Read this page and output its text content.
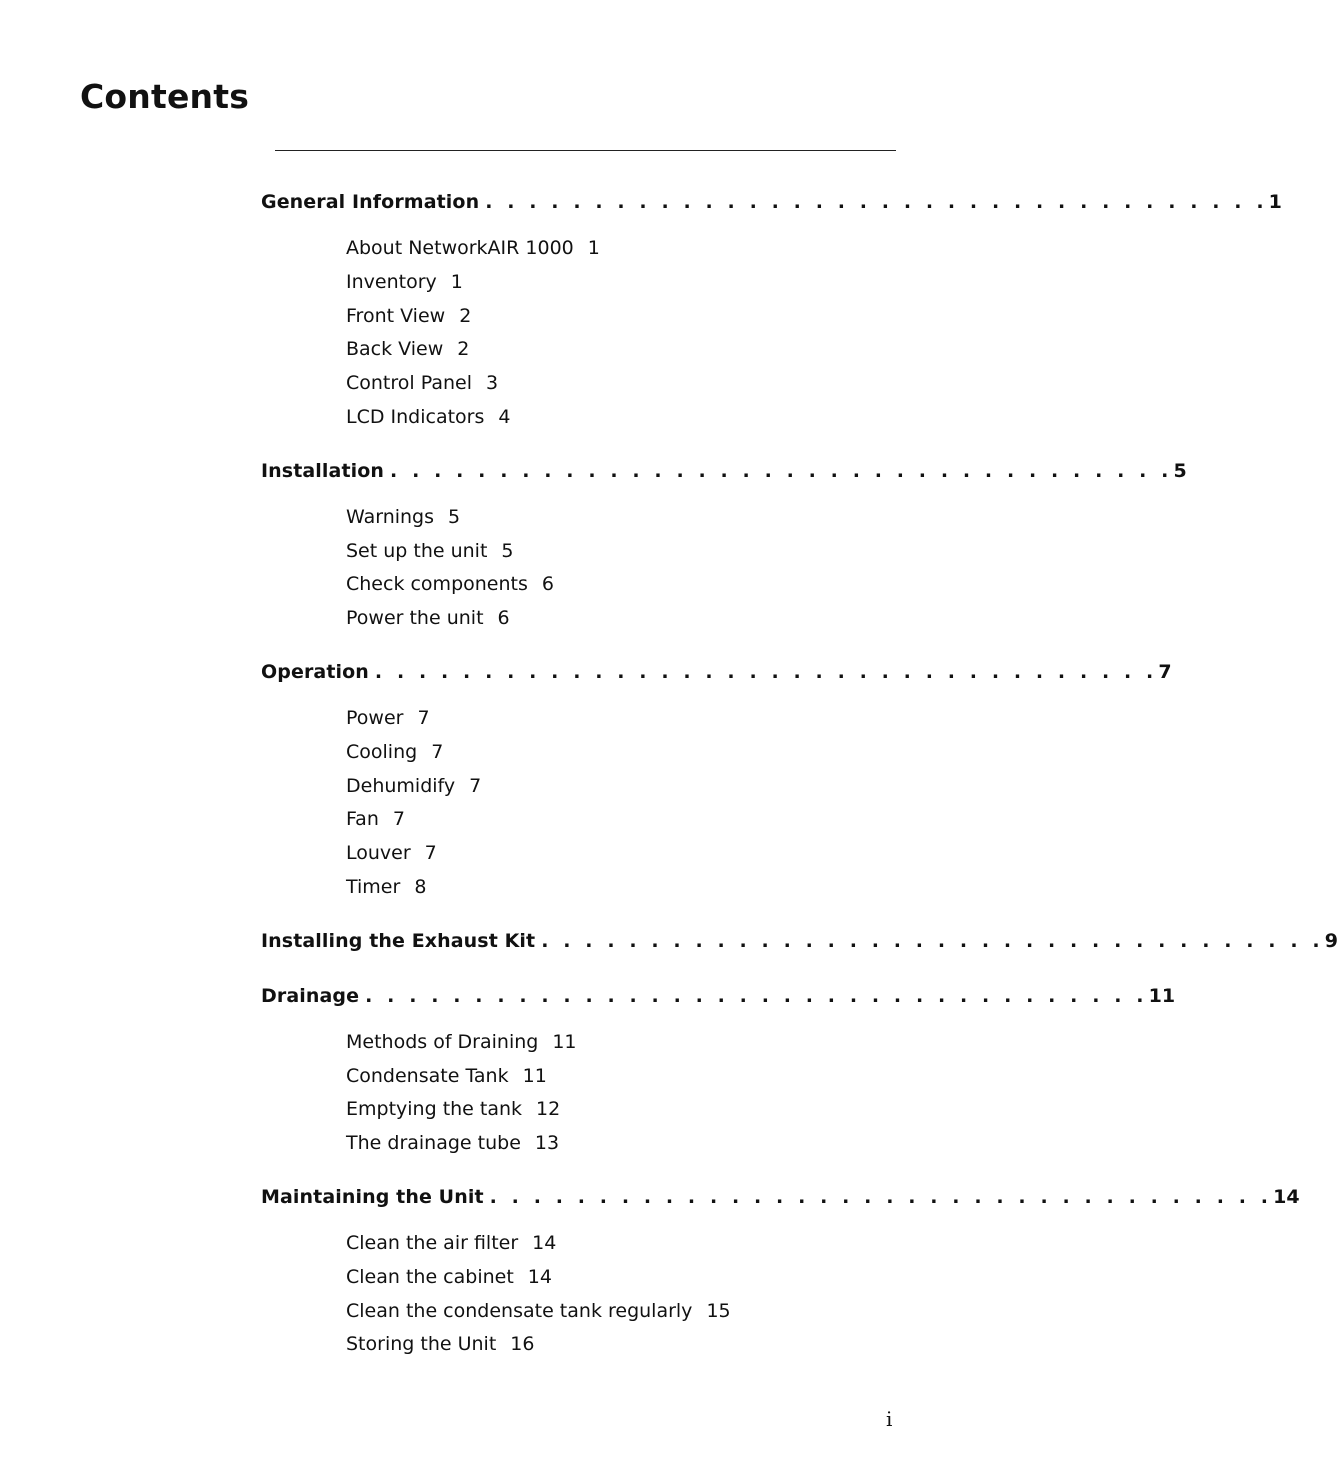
Contents
General Information . . . . . . . . . . . . . . . . . . . . . . . . . . . . . . . . . . . . 1
About NetworkAIR 1000 1
Inventory 1
Front View 2
Back View 2
Control Panel 3
LCD Indicators 4
Installation . . . . . . . . . . . . . . . . . . . . . . . . . . . . . . . . . . . . 5
Warnings 5
Set up the unit 5
Check components 6
Power the unit 6
Operation . . . . . . . . . . . . . . . . . . . . . . . . . . . . . . . . . . . . 7
Power 7
Cooling 7
Dehumidify 7
Fan 7
Louver 7
Timer 8
Installing the Exhaust Kit . . . . . . . . . . . . . . . . . . . . . . . . . . . . . . . . . . . . 9
Drainage . . . . . . . . . . . . . . . . . . . . . . . . . . . . . . . . . . . . 11
Methods of Draining 11
Condensate Tank 11
Emptying the tank 12
The drainage tube 13
Maintaining the Unit . . . . . . . . . . . . . . . . . . . . . . . . . . . . . . . . . . . . 14
Clean the air filter 14
Clean the cabinet 14
Clean the condensate tank regularly 15
Storing the Unit 16
i
